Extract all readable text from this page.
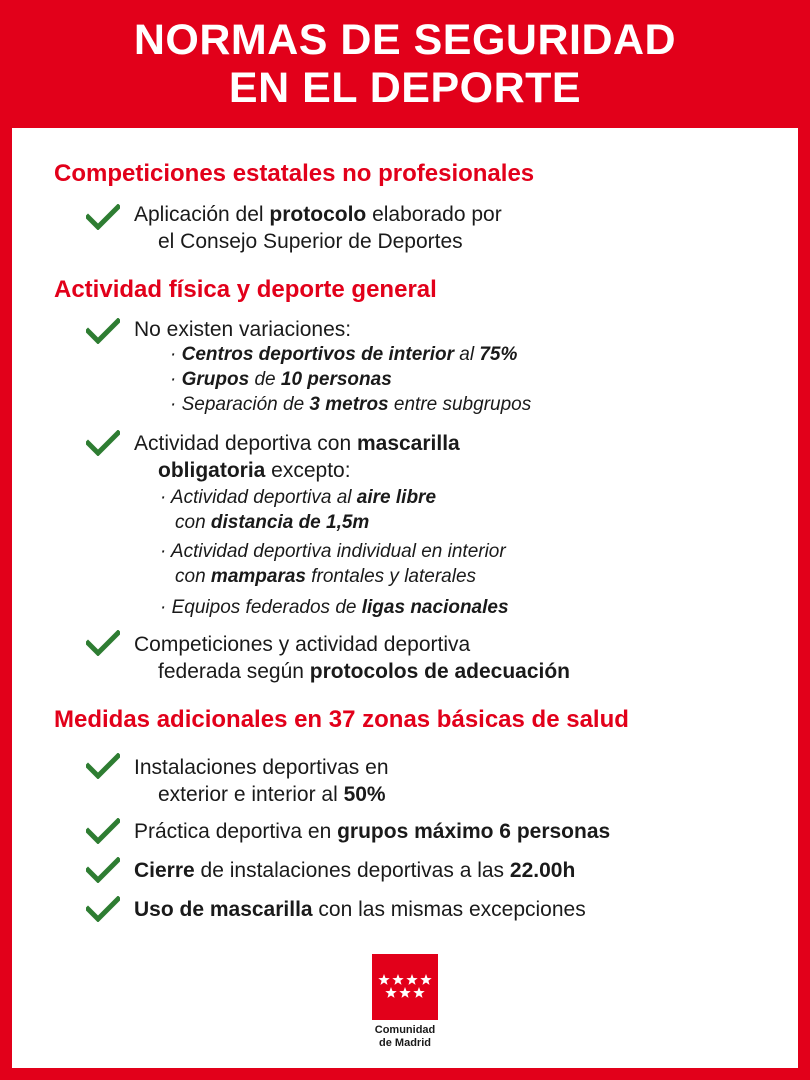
NORMAS DE SEGURIDAD
EN EL DEPORTE
Competiciones estatales no profesionales
Aplicación del protocolo elaborado por
el Consejo Superior de Deportes
Actividad física y deporte general
No existen variaciones:
· Centros deportivos de interior al 75%
· Grupos de 10 personas
· Separación de 3 metros entre subgrupos
Actividad deportiva con mascarilla
obligatoria excepto:
· Actividad deportiva al aire libre
con distancia de 1,5m
· Actividad deportiva individual en interior
con mamparas frontales y laterales
· Equipos federados de ligas nacionales
Competiciones y actividad deportiva
federada según protocolos de adecuación
Medidas adicionales en 37 zonas básicas de salud
Instalaciones deportivas en
exterior e interior al 50%
Práctica deportiva en grupos máximo 6 personas
Cierre de instalaciones deportivas a las 22.00h
Uso de mascarilla con las mismas excepciones
Comunidad
de Madrid
